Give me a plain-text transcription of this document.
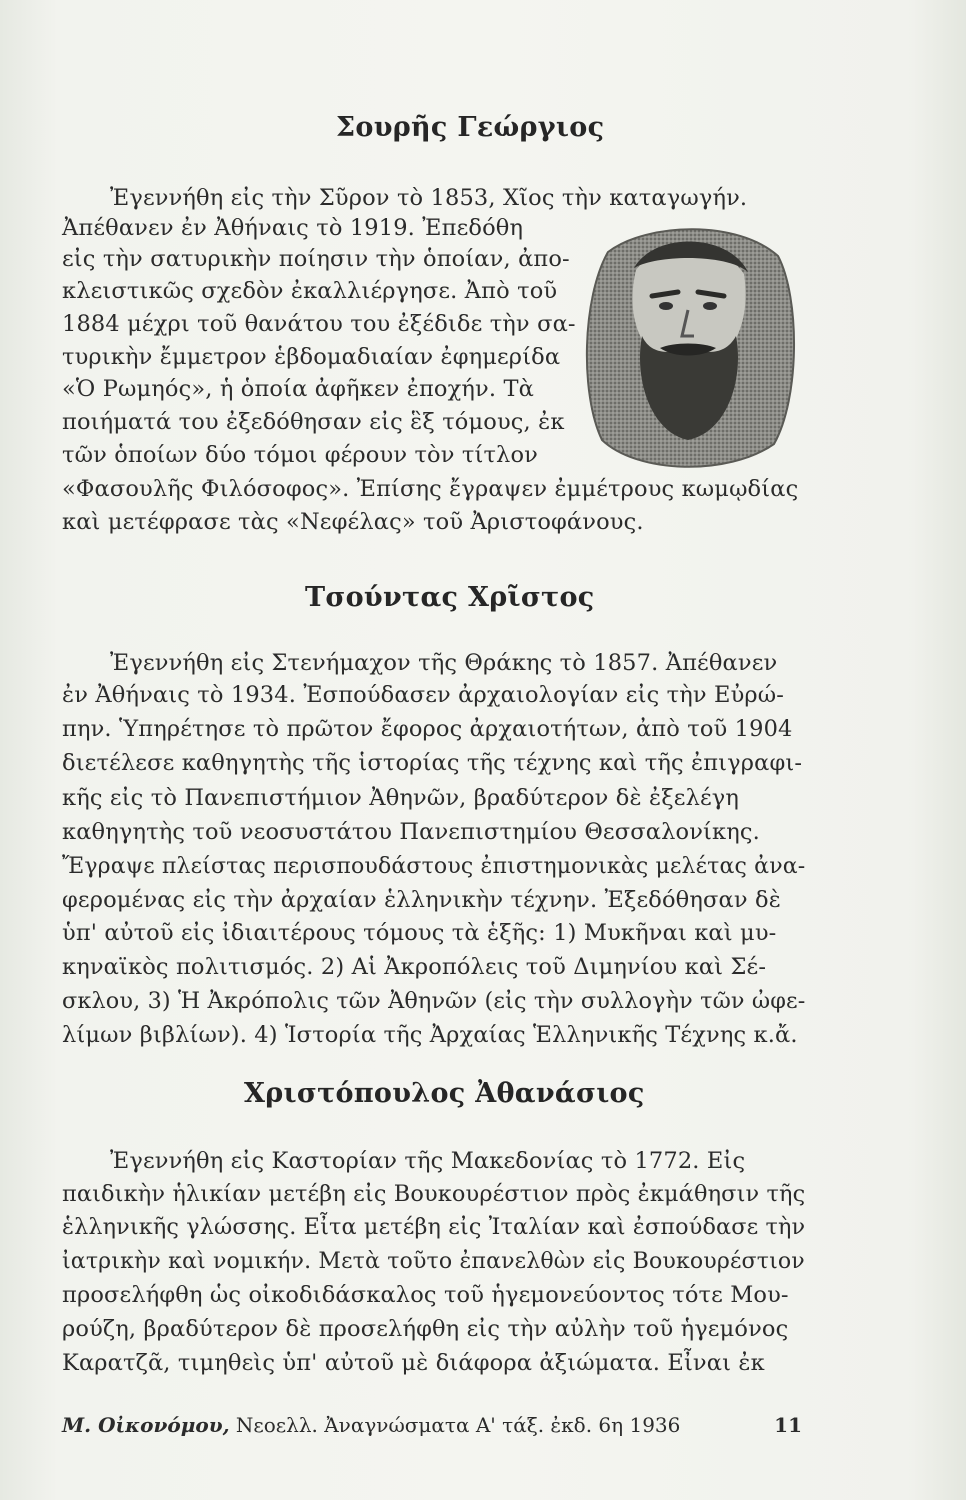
Σουρῆς Γεώργιος

Ἐγεννήθη εἰς τὴν Σῦρον τὸ 1853, Χῖος τὴν καταγωγήν.

Ἀπέθανεν ἐν Ἀθήναις τὸ 1919. Ἐπεδόθη

εἰς τὴν σατυρικὴν ποίησιν τὴν ὁποίαν, ἀπο-

κλειστικῶς σχεδὸν ἐκαλλιέργησε. Ἀπὸ τοῦ

1884 μέχρι τοῦ θανάτου του ἐξέδιδε τὴν σα-

τυρικὴν ἔμμετρον ἑβδομαδιαίαν ἐφημερίδα

«Ὁ Ρωμηός», ἡ ὁποία ἀφῆκεν ἐποχήν. Τὰ

ποιήματά του ἐξεδόθησαν εἰς ἓξ τόμους, ἐκ

τῶν ὁποίων δύο τόμοι φέρουν τὸν τίτλον

«Φασουλῆς Φιλόσοφος». Ἐπίσης ἔγραψεν ἐμμέτρους κωμῳδίας

καὶ μετέφρασε τὰς «Νεφέλας» τοῦ Ἀριστοφάνους.

Τσούντας Χρῖστος

Ἐγεννήθη εἰς Στενήμαχον τῆς Θράκης τὸ 1857. Ἀπέθανεν

ἐν Ἀθήναις τὸ 1934. Ἐσπούδασεν ἀρχαιολογίαν εἰς τὴν Εὐρώ-

πην. Ὑπηρέτησε τὸ πρῶτον ἔφορος ἀρχαιοτήτων, ἀπὸ τοῦ 1904

διετέλεσε καθηγητὴς τῆς ἱστορίας τῆς τέχνης καὶ τῆς ἐπιγραφι-

κῆς εἰς τὸ Πανεπιστήμιον Ἀθηνῶν, βραδύτερον δὲ ἐξελέγη

καθηγητὴς τοῦ νεοσυστάτου Πανεπιστημίου Θεσσαλονίκης.

Ἔγραψε πλείστας περισπουδάστους ἐπιστημονικὰς μελέτας ἀνα-

φερομένας εἰς τὴν ἀρχαίαν ἑλληνικὴν τέχνην. Ἐξεδόθησαν δὲ

ὑπ' αὐτοῦ εἰς ἰδιαιτέρους τόμους τὰ ἑξῆς: 1) Μυκῆναι καὶ μυ-

κηναϊκὸς πολιτισμός. 2) Αἱ Ἀκροπόλεις τοῦ Διμηνίου καὶ Σέ-

σκλου, 3) Ἡ Ἀκρόπολις τῶν Ἀθηνῶν (εἰς τὴν συλλογὴν τῶν ὠφε-

λίμων βιβλίων). 4) Ἱστορία τῆς Ἀρχαίας Ἑλληνικῆς Τέχνης κ.ἄ.

Χριστόπουλος Ἀθανάσιος

Ἐγεννήθη εἰς Καστορίαν τῆς Μακεδονίας τὸ 1772. Εἰς

παιδικὴν ἡλικίαν μετέβη εἰς Βουκουρέστιον πρὸς ἐκμάθησιν τῆς

ἑλληνικῆς γλώσσης. Εἶτα μετέβη εἰς Ἰταλίαν καὶ ἐσπούδασε τὴν

ἰατρικὴν καὶ νομικήν. Μετὰ τοῦτο ἐπανελθὼν εἰς Βουκουρέστιον

προσελήφθη ὡς οἰκοδιδάσκαλος τοῦ ἡγεμονεύοντος τότε Μου-

ρούζη, βραδύτερον δὲ προσελήφθη εἰς τὴν αὐλὴν τοῦ ἡγεμόνος

Καρατζᾶ, τιμηθεὶς ὑπ' αὐτοῦ μὲ διάφορα ἀξιώματα. Εἶναι ἐκ

Μ. Οἰκονόμου, Νεοελλ. Ἀναγνώσματα Α' τάξ. ἐκδ. 6η 1936	11
